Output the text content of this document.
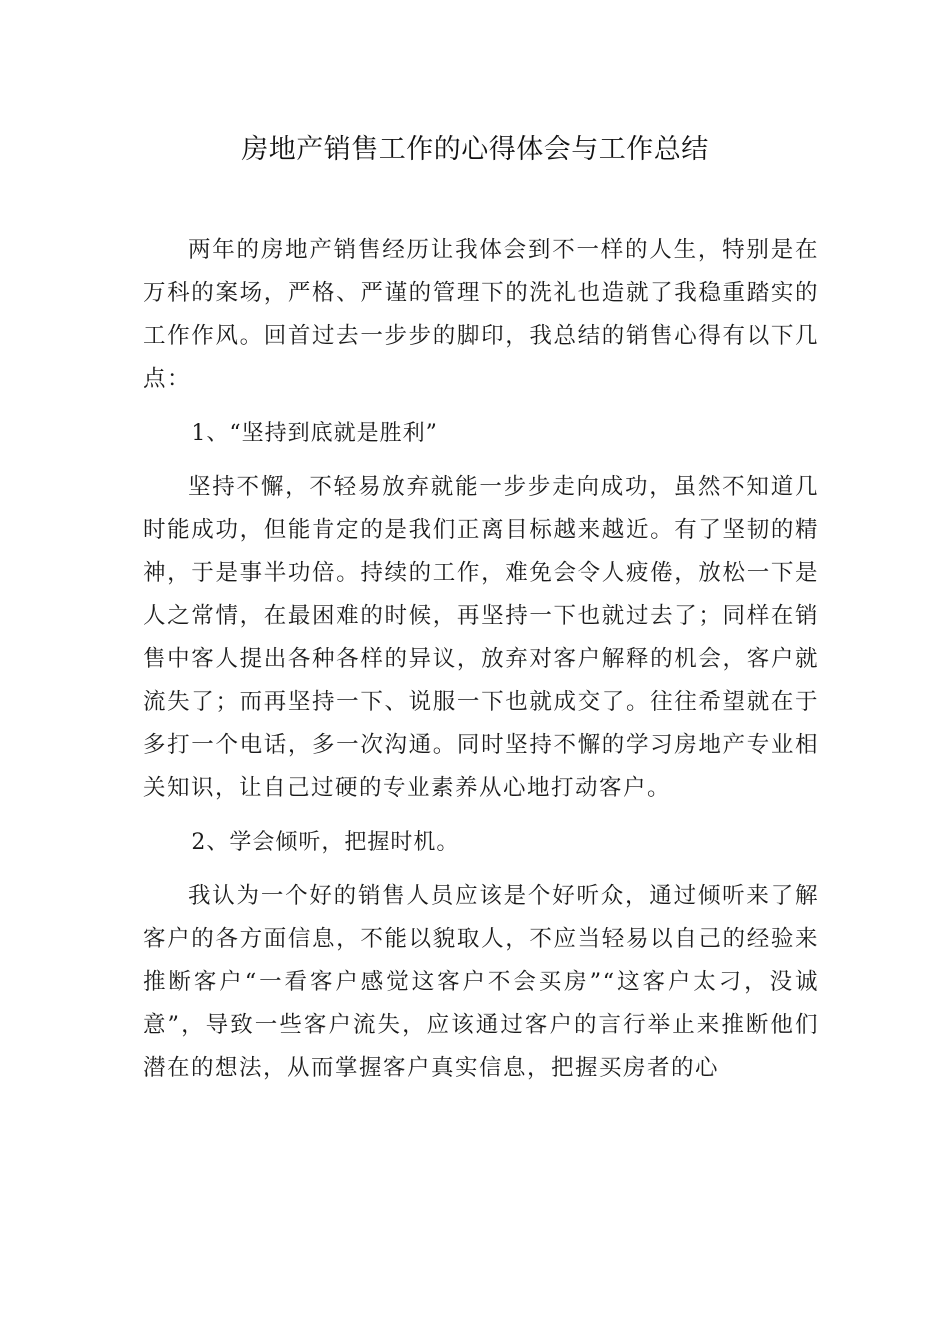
房地产销售工作的心得体会与工作总结

两年的房地产销售经历让我体会到不一样的人生，特别是在万科的案场，严格、严谨的管理下的洗礼也造就了我稳重踏实的工作作风。回首过去一步步的脚印，我总结的销售心得有以下几点：

1、“坚持到底就是胜利”

坚持不懈，不轻易放弃就能一步步走向成功，虽然不知道几时能成功，但能肯定的是我们正离目标越来越近。有了坚韧的精神，于是事半功倍。持续的工作，难免会令人疲倦，放松一下是人之常情，在最困难的时候，再坚持一下也就过去了；同样在销售中客人提出各种各样的异议，放弃对客户解释的机会，客户就流失了；而再坚持一下、说服一下也就成交了。往往希望就在于多打一个电话，多一次沟通。同时坚持不懈的学习房地产专业相关知识，让自己过硬的专业素养从心地打动客户。

2、学会倾听，把握时机。

我认为一个好的销售人员应该是个好听众，通过倾听来了解客户的各方面信息，不能以貌取人，不应当轻易以自己的经验来推断客户“一看客户感觉这客户不会买房”“这客户太刁，没诚意”，导致一些客户流失，应该通过客户的言行举止来推断他们潜在的想法，从而掌握客户真实信息，把握买房者的心
